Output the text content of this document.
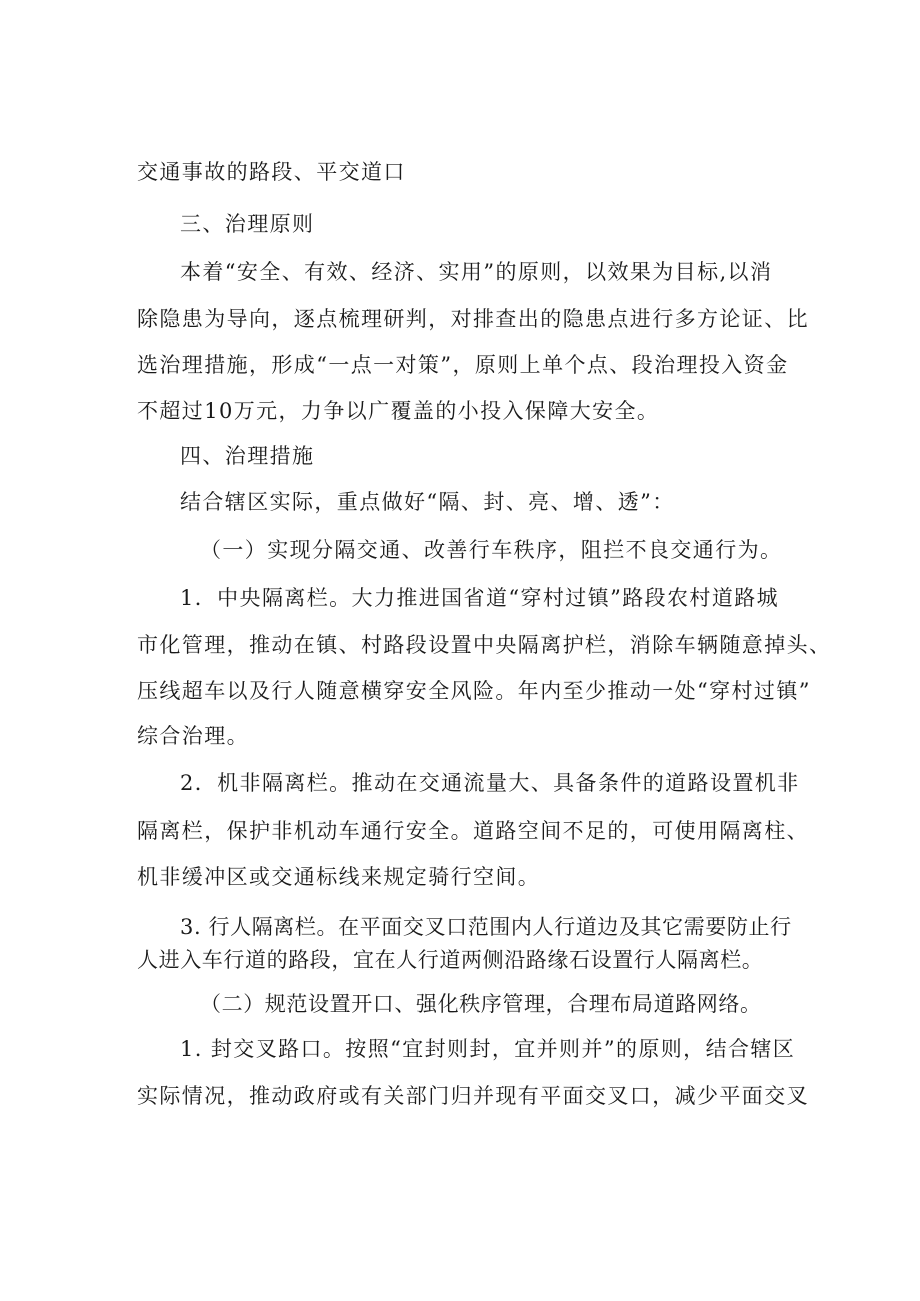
交通事故的路段、平交道口
三、治理原则
本着“安全、有效、经济、实用”的原则，以效果为目标,以消
除隐患为导向，逐点梳理研判，对排查出的隐患点进行多方论证、比
选治理措施，形成“一点一对策”，原则上单个点、段治理投入资金
不超过10万元，力争以广覆盖的小投入保障大安全。
四、治理措施
结合辖区实际，重点做好“隔、封、亮、增、透”：
（一）实现分隔交通、改善行车秩序，阻拦不良交通行为。
1．中央隔离栏。大力推进国省道“穿村过镇”路段农村道路城
市化管理，推动在镇、村路段设置中央隔离护栏，消除车辆随意掉头、
压线超车以及行人随意横穿安全风险。年内至少推动一处“穿村过镇”
综合治理。
2．机非隔离栏。推动在交通流量大、具备条件的道路设置机非
隔离栏，保护非机动车通行安全。道路空间不足的，可使用隔离柱、
机非缓冲区或交通标线来规定骑行空间。
3. 行人隔离栏。在平面交叉口范围内人行道边及其它需要防止行
人进入车行道的路段，宜在人行道两侧沿路缘石设置行人隔离栏。
（二）规范设置开口、强化秩序管理，合理布局道路网络。
1. 封交叉路口。按照“宜封则封，宜并则并”的原则，结合辖区
实际情况，推动政府或有关部门归并现有平面交叉口，减少平面交叉
